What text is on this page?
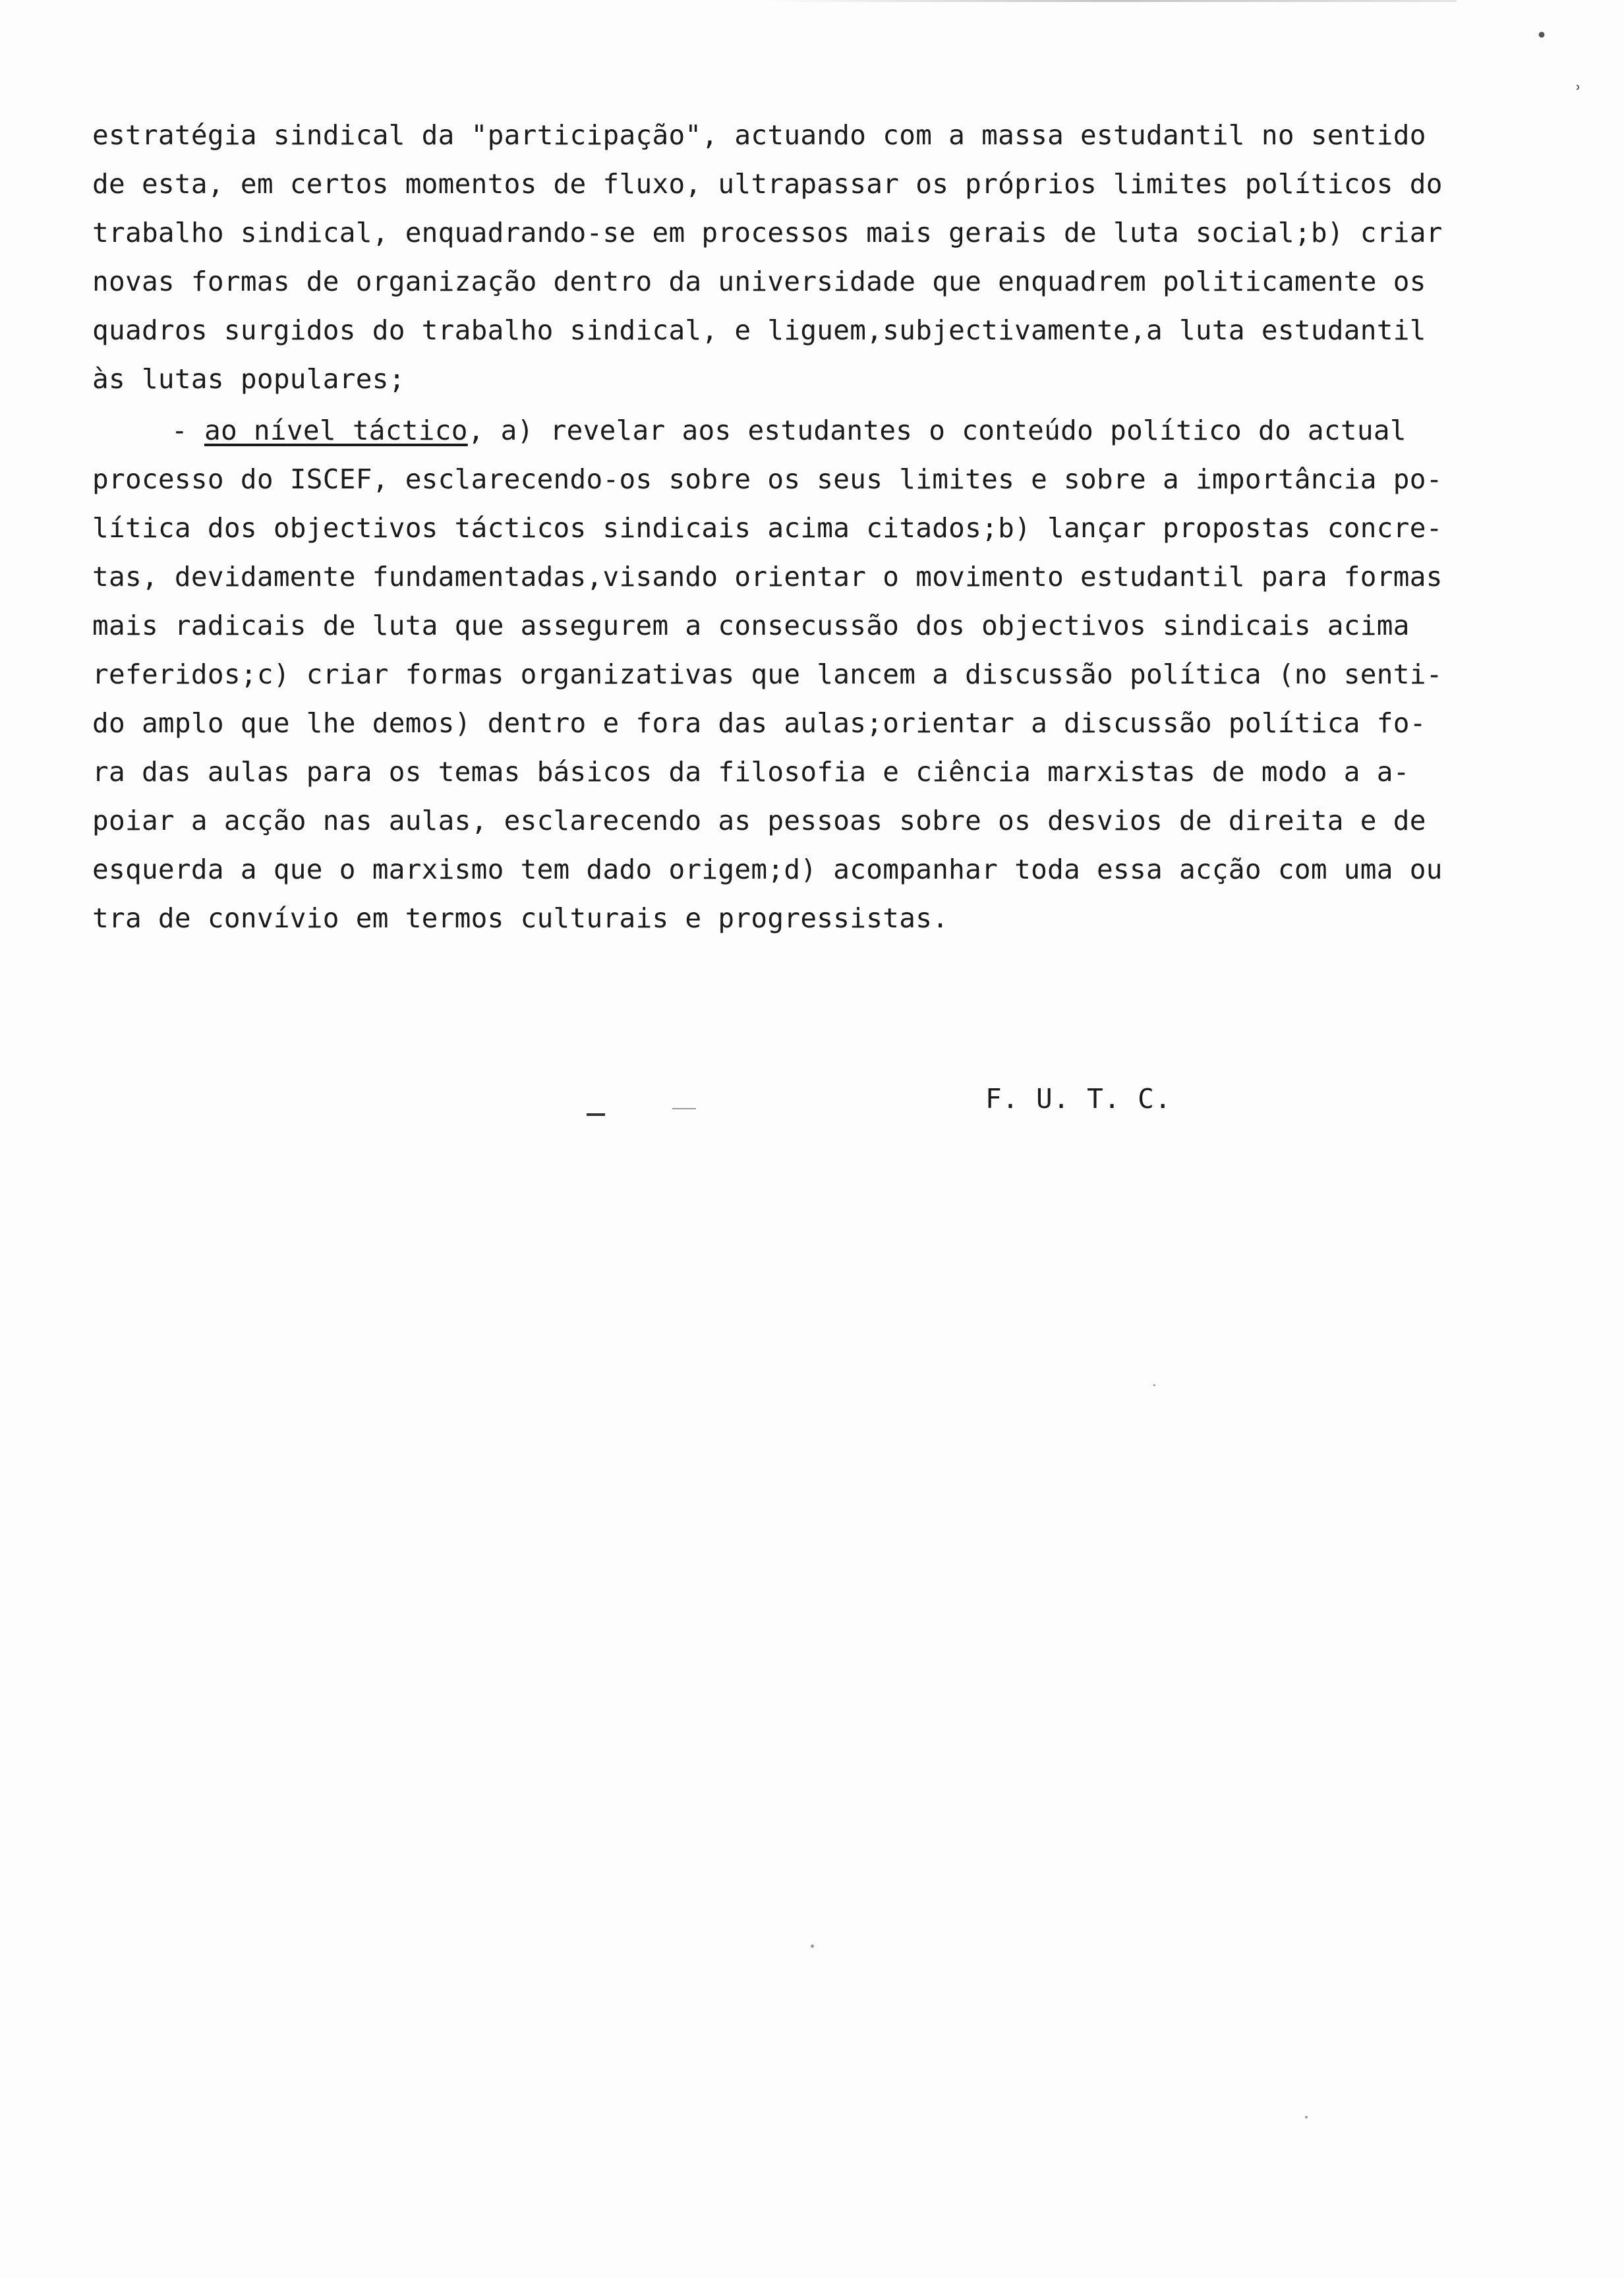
•
˒
estratégia sindical da "participação", actuando com a massa estudantil no sentido
de esta, em certos momentos de fluxo, ultrapassar os próprios limites políticos do
trabalho sindical, enquadrando-se em processos mais gerais de luta social;b) criar
novas formas de organização dentro da universidade que enquadrem politicamente os
quadros surgidos do trabalho sindical, e liguem,subjectivamente,a luta estudantil
às lutas populares;
- ao nível táctico, a) revelar aos estudantes o conteúdo político do actual
processo do ISCEF, esclarecendo-os sobre os seus limites e sobre a importância po-
lítica dos objectivos tácticos sindicais acima citados;b) lançar propostas concre-
tas, devidamente fundamentadas,visando orientar o movimento estudantil para formas
mais radicais de luta que assegurem a consecussão dos objectivos sindicais acima
referidos;c) criar formas organizativas que lancem a discussão política (no senti-
do amplo que lhe demos) dentro e fora das aulas;orientar a discussão política fo-
ra das aulas para os temas básicos da filosofia e ciência marxistas de modo a a-
poiar a acção nas aulas, esclarecendo as pessoas sobre os desvios de direita e de
esquerda a que o marxismo tem dado origem;d) acompanhar toda essa acção com uma ou
tra de convívio em termos culturais e progressistas.
F. U. T. C.
